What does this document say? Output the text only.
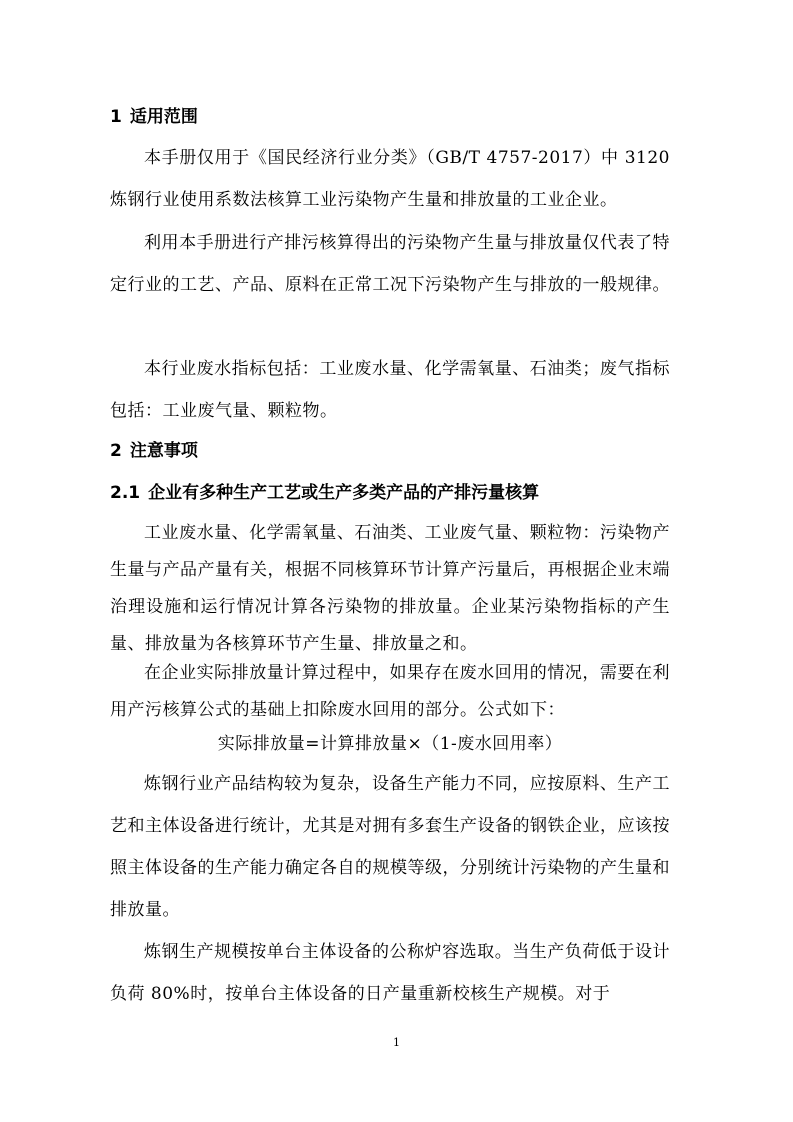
1 适用范围
本手册仅用于《国民经济行业分类》（GB/T 4757-2017）中 3120 炼钢行业使用系数法核算工业污染物产生量和排放量的工业企业。
利用本手册进行产排污核算得出的污染物产生量与排放量仅代表了特定行业的工艺、产品、原料在正常工况下污染物产生与排放的一般规律。
本行业废水指标包括：工业废水量、化学需氧量、石油类；废气指标包括：工业废气量、颗粒物。
2 注意事项
2.1 企业有多种生产工艺或生产多类产品的产排污量核算
工业废水量、化学需氧量、石油类、工业废气量、颗粒物：污染物产生量与产品产量有关，根据不同核算环节计算产污量后，再根据企业末端治理设施和运行情况计算各污染物的排放量。企业某污染物指标的产生量、排放量为各核算环节产生量、排放量之和。
在企业实际排放量计算过程中，如果存在废水回用的情况，需要在利用产污核算公式的基础上扣除废水回用的部分。公式如下：
实际排放量=计算排放量×（1-废水回用率）
炼钢行业产品结构较为复杂，设备生产能力不同，应按原料、生产工艺和主体设备进行统计，尤其是对拥有多套生产设备的钢铁企业，应该按照主体设备的生产能力确定各自的规模等级，分别统计污染物的产生量和排放量。
炼钢生产规模按单台主体设备的公称炉容选取。当生产负荷低于设计负荷 80%时，按单台主体设备的日产量重新校核生产规模。对于
1
